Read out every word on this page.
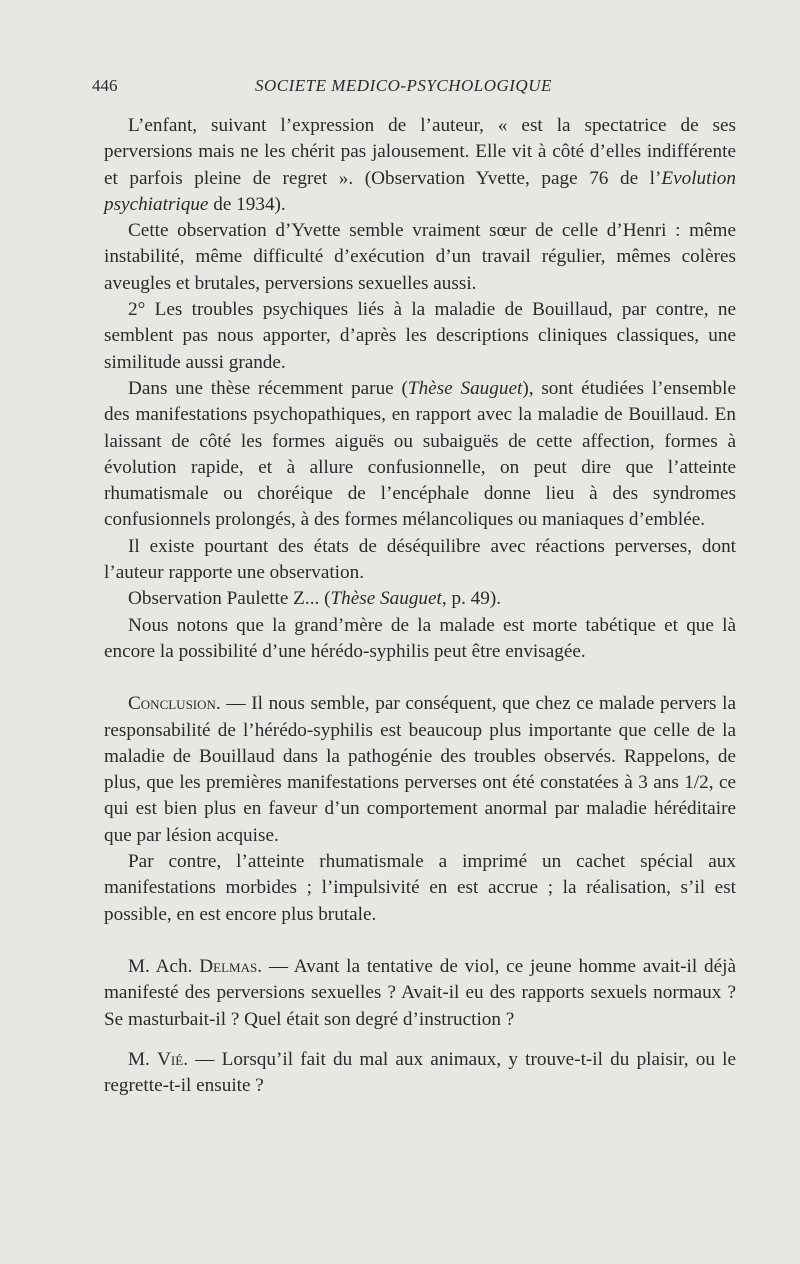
446	SOCIETE MEDICO-PSYCHOLOGIQUE

L’enfant, suivant l’expression de l’auteur, « est la spectatrice de ses perversions mais ne les chérit pas jalousement. Elle vit à côté d’elles indifférente et parfois pleine de regret ». (Observation Yvette, page 76 de l’Evolution psychiatrique de 1934).

Cette observation d’Yvette semble vraiment sœur de celle d’Henri : même instabilité, même difficulté d’exécution d’un travail régulier, mêmes colères aveugles et brutales, perversions sexuelles aussi.

2° Les troubles psychiques liés à la maladie de Bouillaud, par contre, ne semblent pas nous apporter, d’après les descriptions cliniques classiques, une similitude aussi grande.

Dans une thèse récemment parue (Thèse Sauguet), sont étudiées l’ensemble des manifestations psychopathiques, en rapport avec la maladie de Bouillaud. En laissant de côté les formes aiguës ou subaiguës de cette affection, formes à évolution rapide, et à allure confusionnelle, on peut dire que l’atteinte rhumatismale ou choréique de l’encéphale donne lieu à des syndromes confusionnels prolongés, à des formes mélancoliques ou maniaques d’emblée.

Il existe pourtant des états de déséquilibre avec réactions perverses, dont l’auteur rapporte une observation.

Observation Paulette Z... (Thèse Sauguet, p. 49).

Nous notons que la grand’mère de la malade est morte tabétique et que là encore la possibilité d’une hérédo-syphilis peut être envisagée.

Conclusion. — Il nous semble, par conséquent, que chez ce malade pervers la responsabilité de l’hérédo-syphilis est beaucoup plus importante que celle de la maladie de Bouillaud dans la pathogénie des troubles observés. Rappelons, de plus, que les premières manifestations perverses ont été constatées à 3 ans 1/2, ce qui est bien plus en faveur d’un comportement anormal par maladie héréditaire que par lésion acquise.

Par contre, l’atteinte rhumatismale a imprimé un cachet spécial aux manifestations morbides ; l’impulsivité en est accrue ; la réalisation, s’il est possible, en est encore plus brutale.

M. Ach. Delmas. — Avant la tentative de viol, ce jeune homme avait-il déjà manifesté des perversions sexuelles ? Avait-il eu des rapports sexuels normaux ? Se masturbait-il ? Quel était son degré d’instruction ?

M. Vié. — Lorsqu’il fait du mal aux animaux, y trouve-t-il du plaisir, ou le regrette-t-il ensuite ?
